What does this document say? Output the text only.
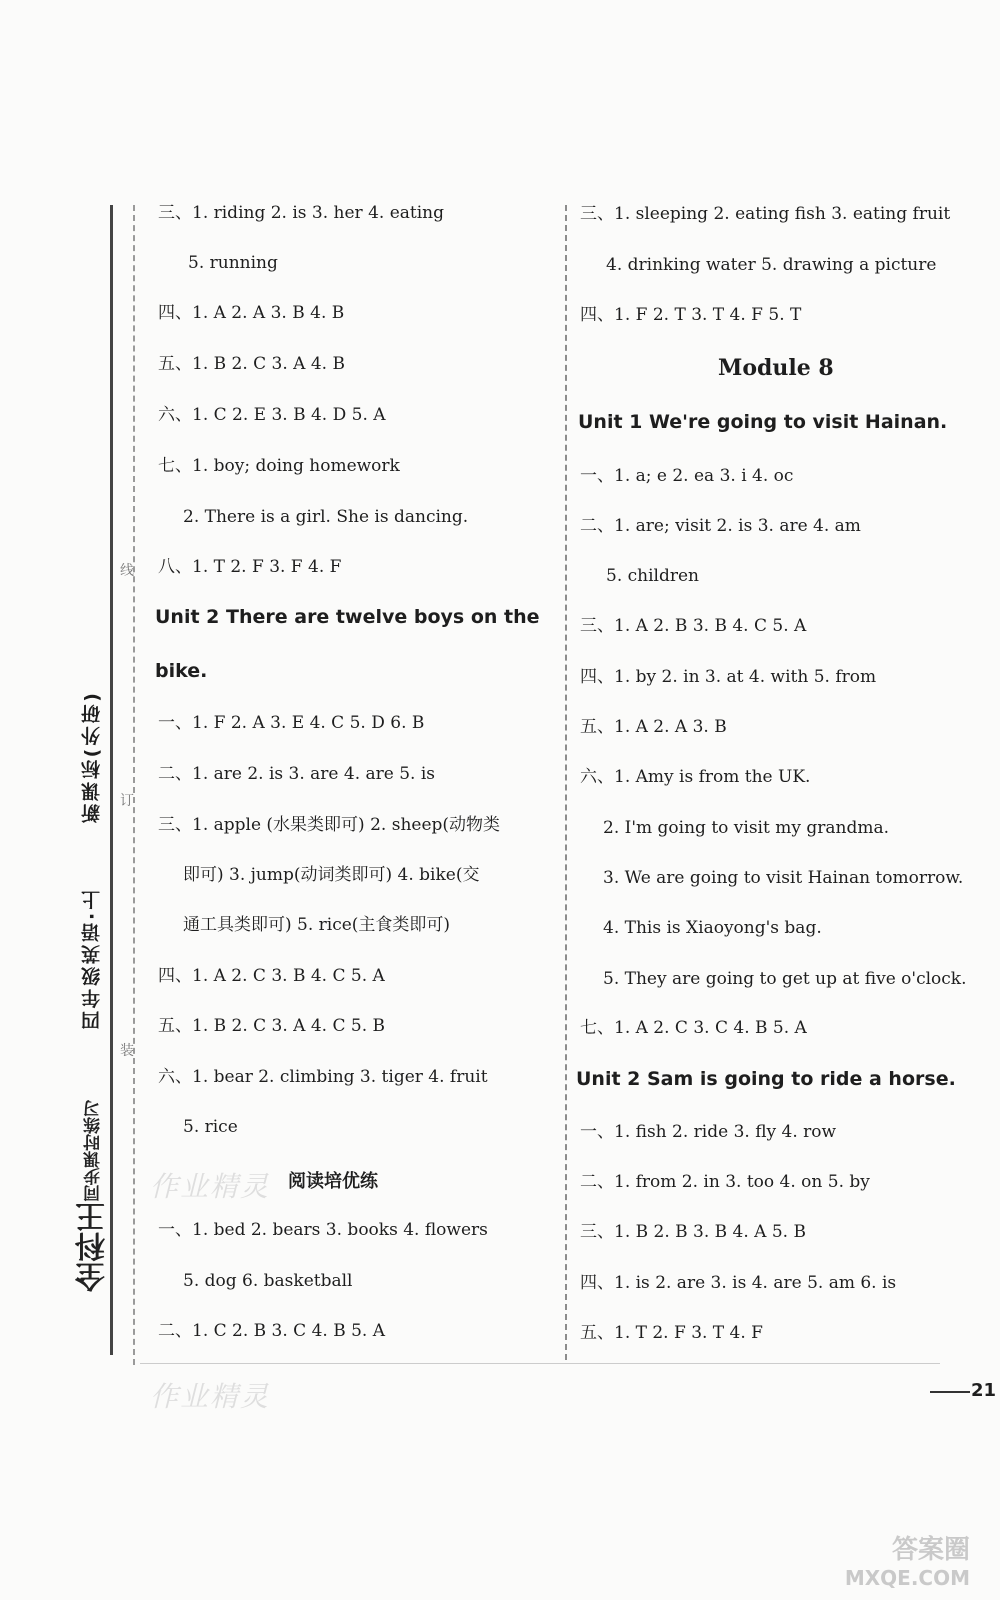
四年级英语·上       新课标(外研)
全科王同步课时练习
装
订
线
三、1. riding 2. is 3. her 4. eating
5. running
四、1. A 2. A 3. B 4. B
五、1. B 2. C 3. A 4. B
六、1. C 2. E 3. B 4. D 5. A
七、1. boy; doing homework
2. There is a girl. She is dancing.
八、1. T 2. F 3. F 4. F
Unit 2 There are twelve boys on the
bike.
一、1. F 2. A 3. E 4. C 5. D 6. B
二、1. are 2. is 3. are 4. are 5. is
三、1. apple (水果类即可) 2. sheep(动物类
即可) 3. jump(动词类即可) 4. bike(交
通工具类即可) 5. rice(主食类即可)
四、1. A 2. C 3. B 4. C 5. A
五、1. B 2. C 3. A 4. C 5. B
六、1. bear 2. climbing 3. tiger 4. fruit
5. rice
阅读培优练
一、1. bed 2. bears 3. books 4. flowers
5. dog 6. basketball
二、1. C 2. B 3. C 4. B 5. A
三、1. sleeping 2. eating fish 3. eating fruit
4. drinking water 5. drawing a picture
四、1. F 2. T 3. T 4. F 5. T
Module 8
Unit 1 We're going to visit Hainan.
一、1. a; e 2. ea 3. i 4. oc
二、1. are; visit 2. is 3. are 4. am
5. children
三、1. A 2. B 3. B 4. C 5. A
四、1. by 2. in 3. at 4. with 5. from
五、1. A 2. A 3. B
六、1. Amy is from the UK.
2. I'm going to visit my grandma.
3. We are going to visit Hainan tomorrow.
4. This is Xiaoyong's bag.
5. They are going to get up at five o'clock.
七、1. A 2. C 3. C 4. B 5. A
Unit 2 Sam is going to ride a horse.
一、1. fish 2. ride 3. fly 4. row
二、1. from 2. in 3. too 4. on 5. by
三、1. B 2. B 3. B 4. A 5. B
四、1. is 2. are 3. is 4. are 5. am 6. is
五、1. T 2. F 3. T 4. F
作业精灵
作业精灵	21
答案圈
MXQE.COM
